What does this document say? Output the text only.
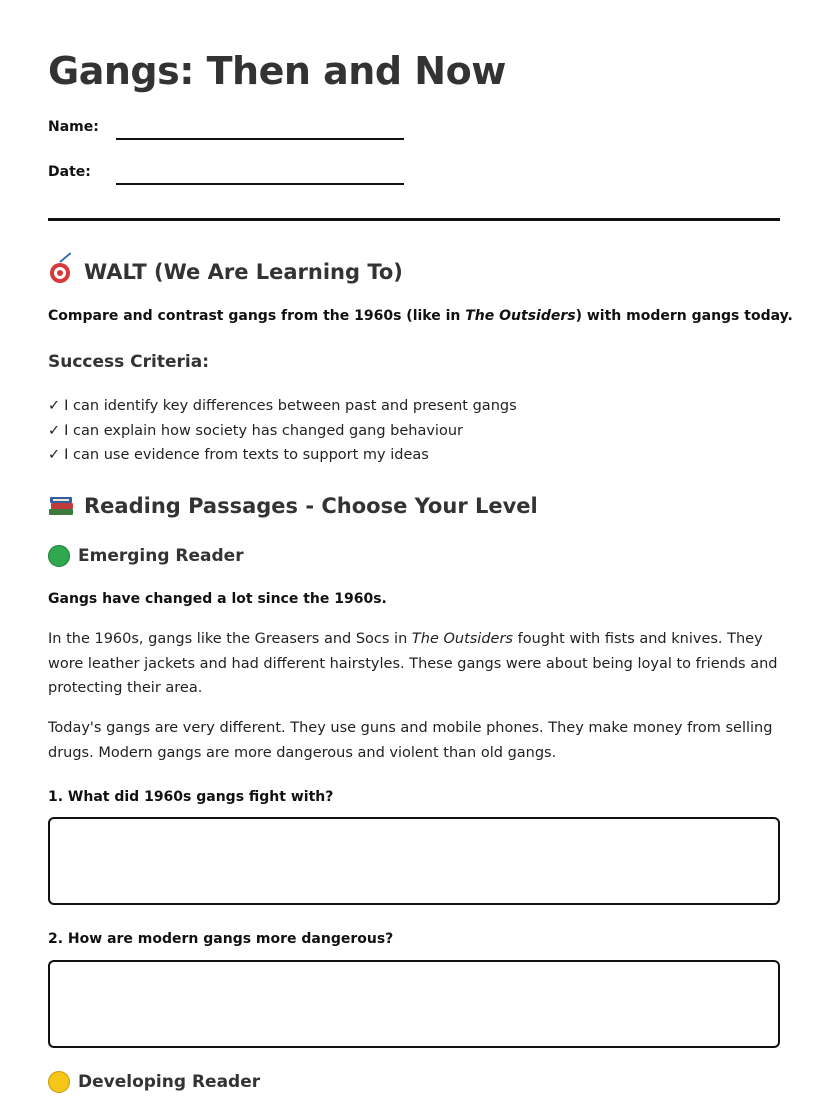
Gangs: Then and Now
Name:
Date:
WALT (We Are Learning To)

Compare and contrast gangs from the 1960s (like in The Outsiders) with modern gangs today.

Success Criteria:
✓ I can identify key differences between past and present gangs
✓ I can explain how society has changed gang behaviour
✓ I can use evidence from texts to support my ideas
Reading Passages - Choose Your Level
Emerging Reader

Gangs have changed a lot since the 1960s.

In the 1960s, gangs like the Greasers and Socs in The Outsiders fought with fists and knives. They wore leather jackets and had different hairstyles. These gangs were about being loyal to friends and protecting their area.

Today's gangs are very different. They use guns and mobile phones. They make money from selling drugs. Modern gangs are more dangerous and violent than old gangs.

1. What did 1960s gangs fight with?

2. How are modern gangs more dangerous?

Developing Reader
